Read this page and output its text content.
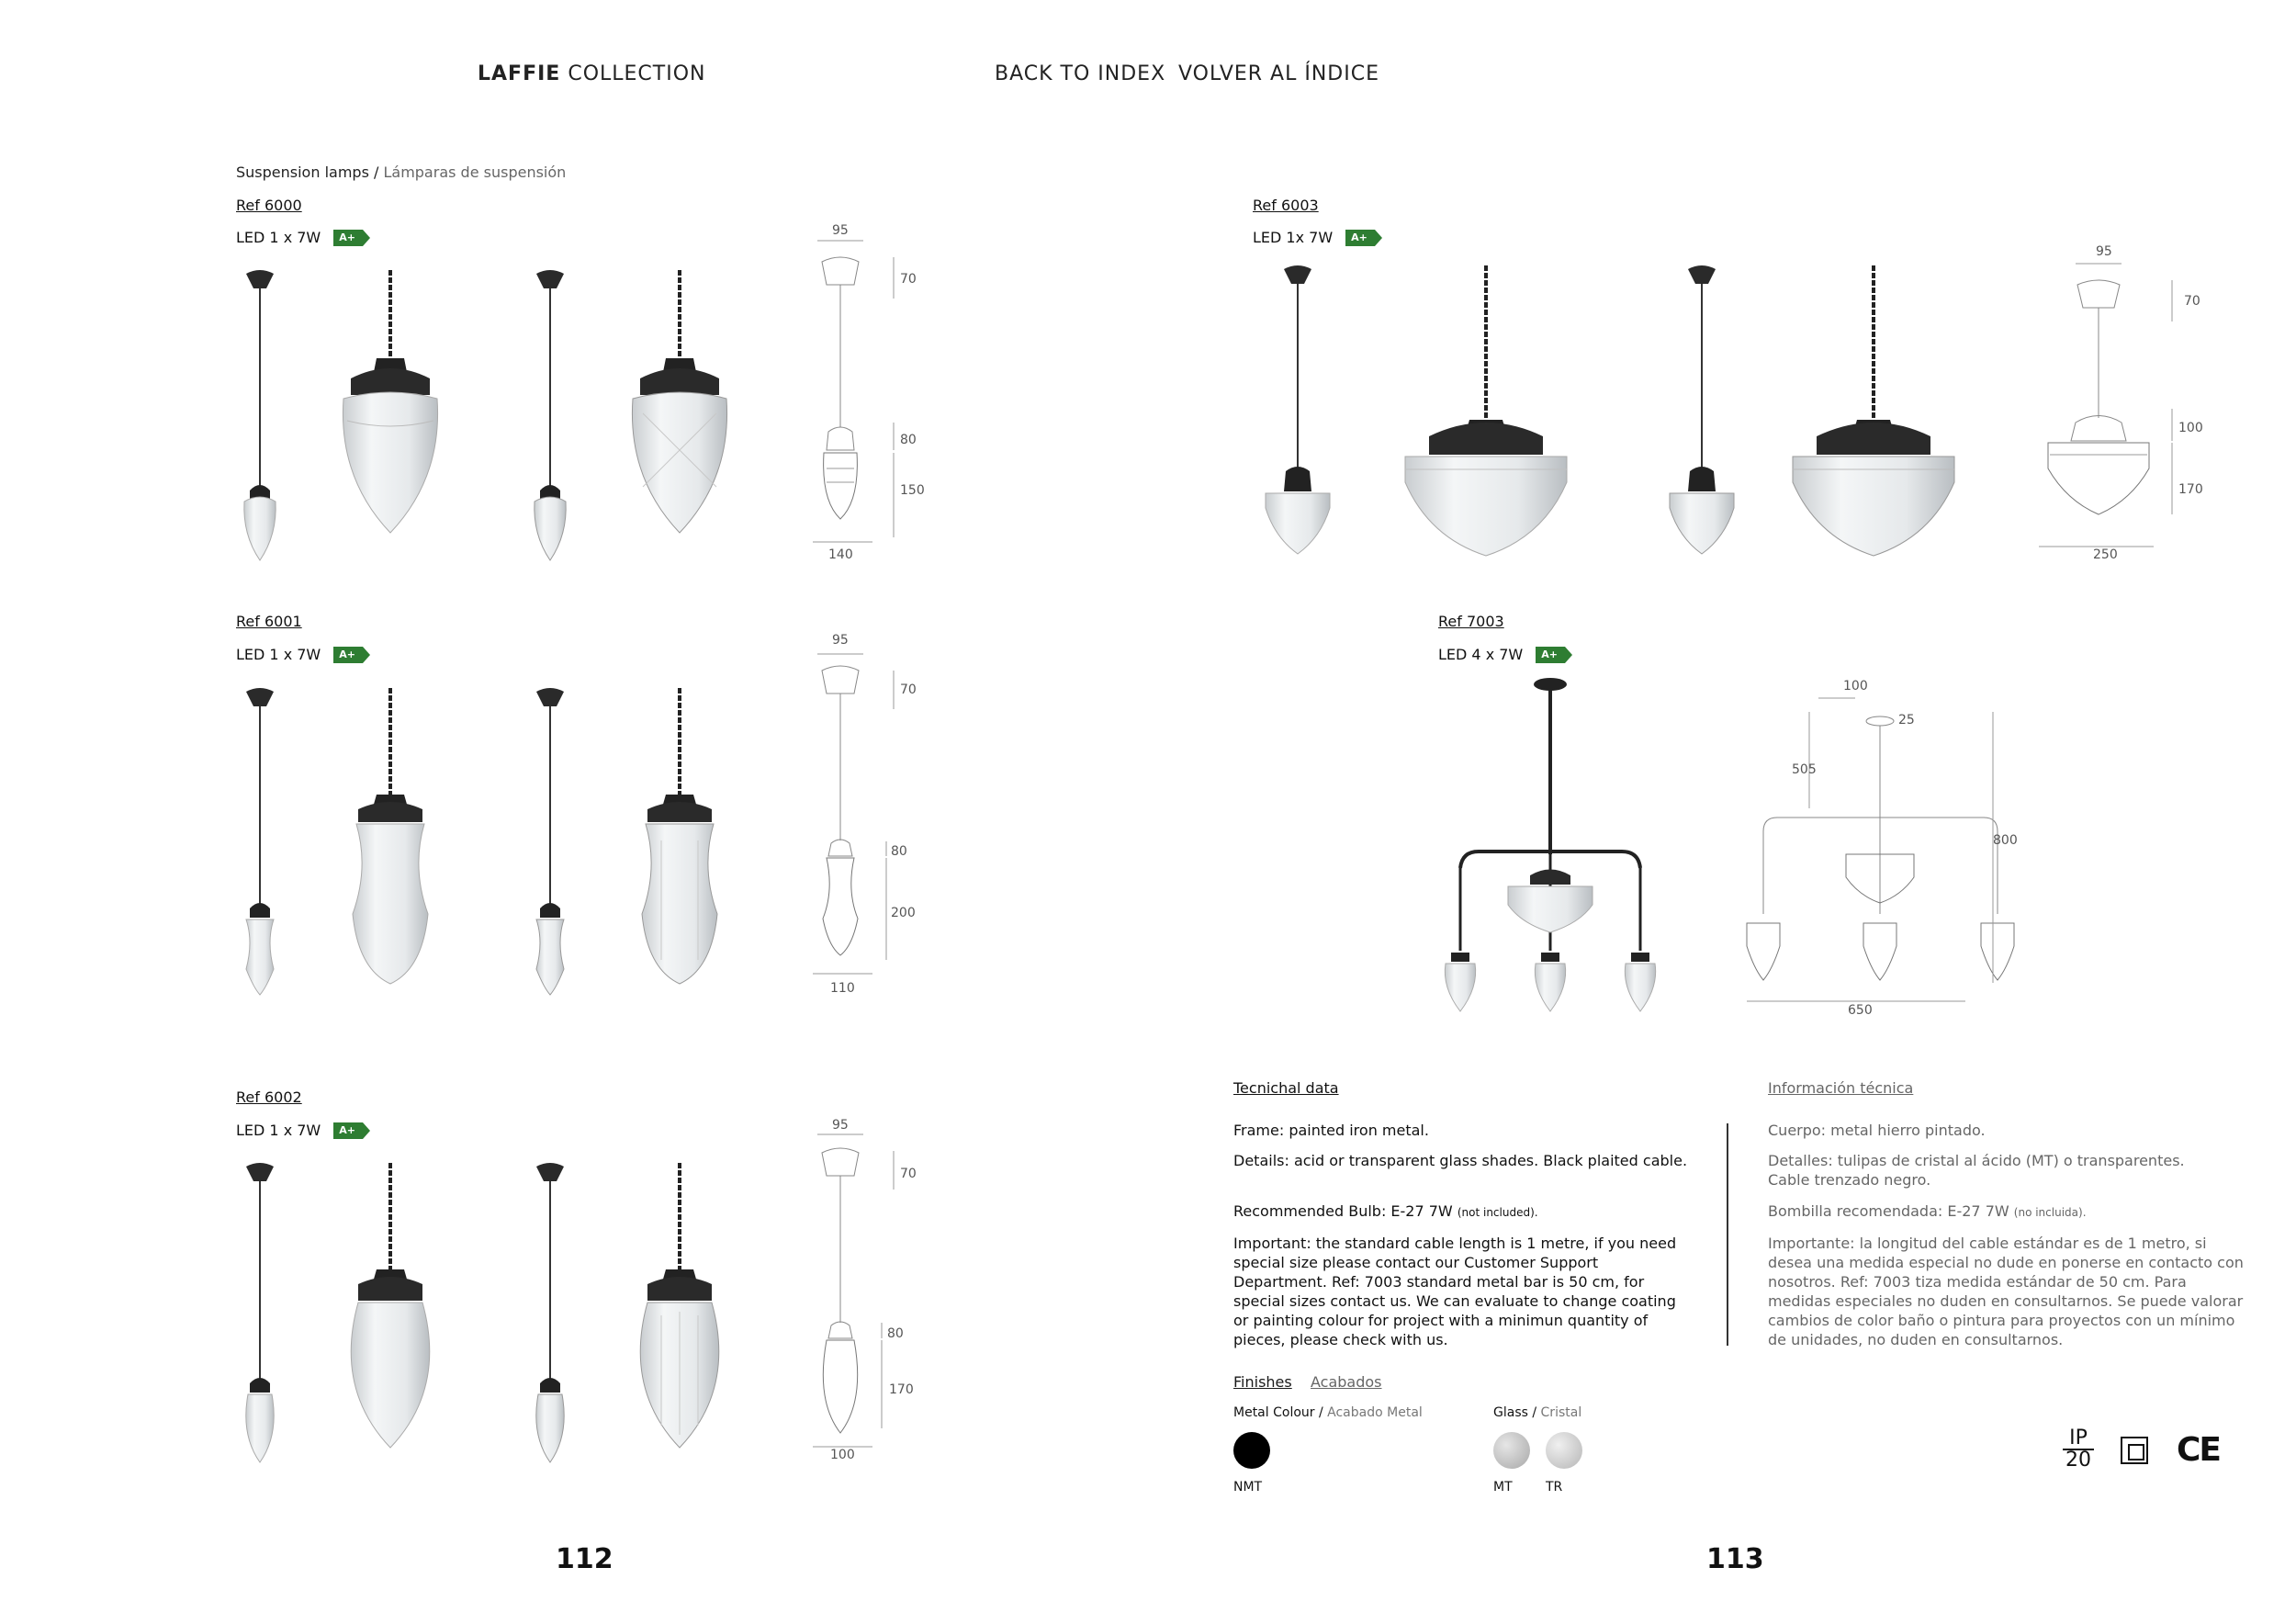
LAFFIE COLLECTION	BACK TO INDEX VOLVER AL ÍNDICE
Suspension lamps / Lámparas de suspensión
Ref 6000
LED 1 x 7W	A+	95
70
80
150
140
Ref 6001
LED 1 x 7W	A+
95
70
80
200
110
Ref 6002
LED 1 x 7W	A+	95
70
80
170
100
112
Ref 6003
LED 1x 7W	A+
95
70
100
170
250
Ref 7003
LED 4 x 7W	A+
100
25
505
800
650
Tecnichal data	Información técnica
Frame: painted iron metal.
Details: acid or transparent glass shades. Black plaited cable.
Recommended Bulb: E-27 7W (not included).
Important: the standard cable length is 1 metre, if you need special size please contact our Customer Support Department. Ref: 7003 standard metal bar is 50 cm, for special sizes contact us. We can evaluate to change coating or painting colour for project with a minimun quantity of pieces, please check with us.
Cuerpo: metal hierro pintado.
Detalles: tulipas de cristal al ácido (MT) o transparentes. Cable trenzado negro.
Bombilla recomendada: E-27 7W (no incluida).
Importante: la longitud del cable estándar es de 1 metro, si desea una medida especial no dude en ponerse en contacto con nosotros. Ref: 7003 tiza medida estándar de 50 cm. Para medidas especiales no duden en consultarnos. Se puede valorar cambios de color baño o pintura para proyectos con un mínimo de unidades, no duden en consultarnos.
Finishes Acabados
Metal Colour / Acabado Metal	Glass / Cristal
NMT	MT	TR
IP
20	CE
113
